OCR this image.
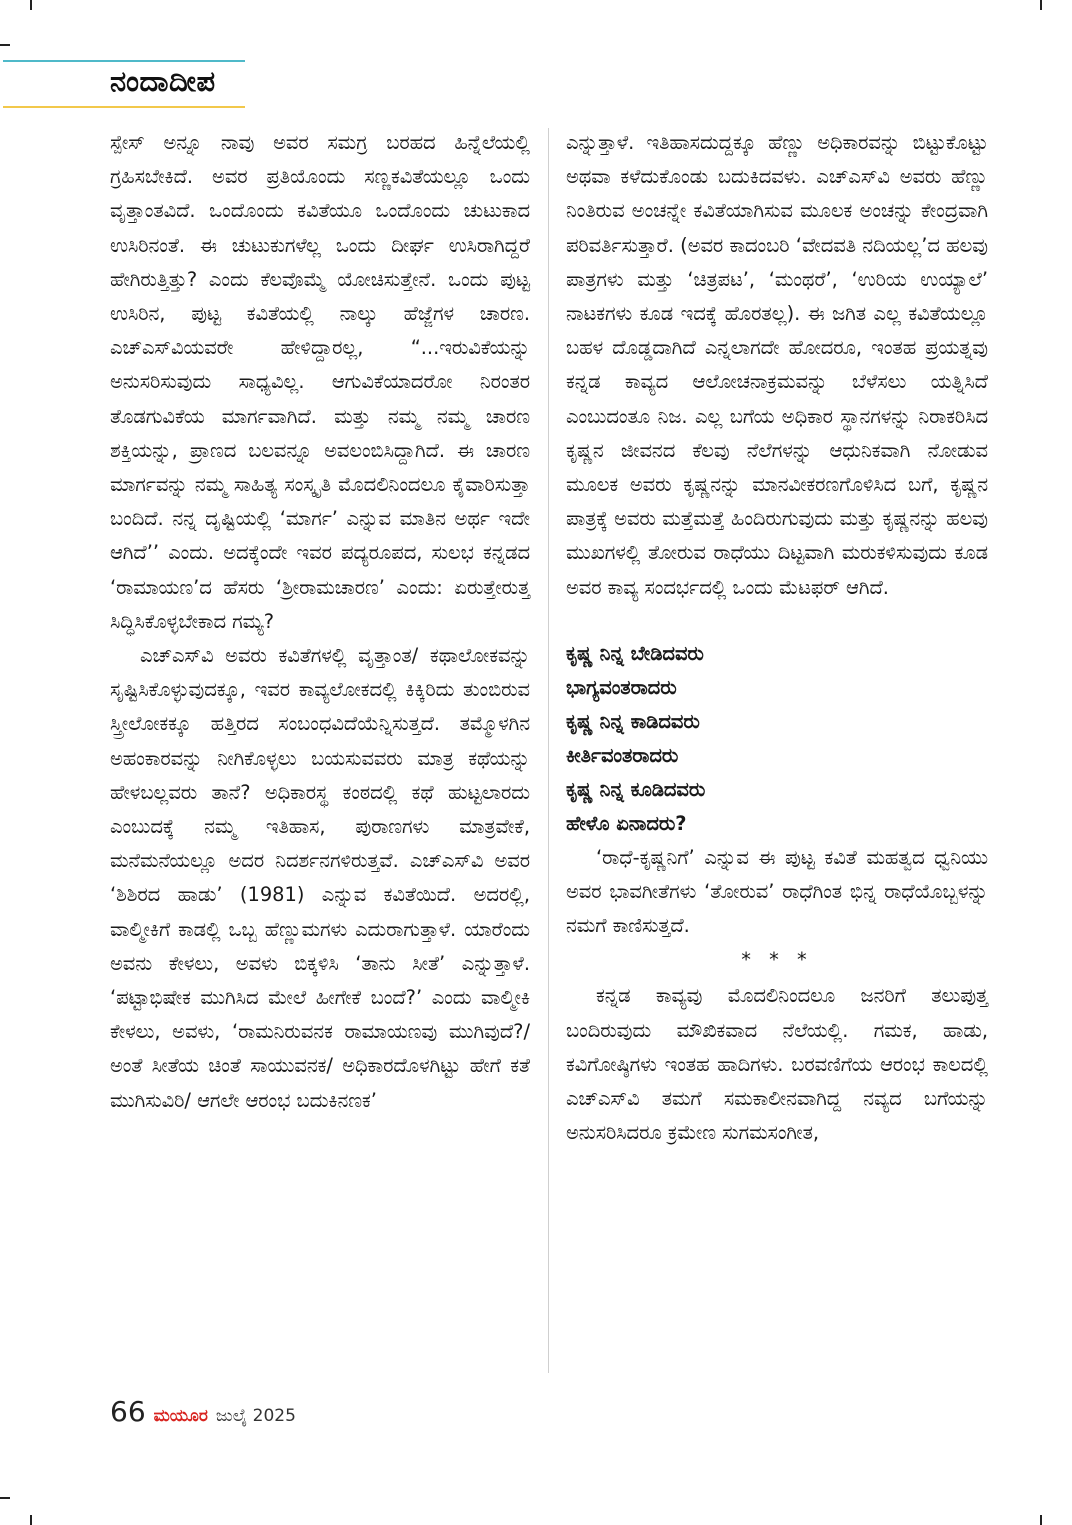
ನಂದಾದೀಪ

ಸ್ಪೇಸ್ ಅನ್ನೂ ನಾವು ಅವರ ಸಮಗ್ರ ಬರಹದ ಹಿನ್ನೆಲೆಯಲ್ಲಿ ಗ್ರಹಿಸಬೇಕಿದೆ. ಅವರ ಪ್ರತಿಯೊಂದು ಸಣ್ಣಕವಿತೆಯಲ್ಲೂ ಒಂದು ವೃತ್ತಾಂತವಿದೆ. ಒಂದೊಂದು ಕವಿತೆಯೂ ಒಂದೊಂದು ಚುಟುಕಾದ ಉಸಿರಿನಂತೆ. ಈ ಚುಟುಕುಗಳೆಲ್ಲ ಒಂದು ದೀರ್ಘ ಉಸಿರಾಗಿದ್ದರೆ ಹೇಗಿರುತ್ತಿತ್ತು? ಎಂದು ಕೆಲವೊಮ್ಮೆ ಯೋಚಿಸುತ್ತೇನೆ. ಒಂದು ಪುಟ್ಟ ಉಸಿರಿನ, ಪುಟ್ಟ ಕವಿತೆಯಲ್ಲಿ ನಾಲ್ಕು ಹೆಜ್ಜೆಗಳ ಚಾರಣ. ಎಚ್ಎಸ್‌ವಿಯವರೇ ಹೇಳಿದ್ದಾರಲ್ಲ, “...ಇರುವಿಕೆಯನ್ನು ಅನುಸರಿಸುವುದು ಸಾಧ್ಯವಿಲ್ಲ. ಆಗುವಿಕೆಯಾದರೋ ನಿರಂತರ ತೊಡಗುವಿಕೆಯ ಮಾರ್ಗವಾಗಿದೆ. ಮತ್ತು ನಮ್ಮ ನಮ್ಮ ಚಾರಣ ಶಕ್ತಿಯನ್ನು, ಪ್ರಾಣದ ಬಲವನ್ನೂ ಅವಲಂಬಿಸಿದ್ದಾಗಿದೆ. ಈ ಚಾರಣ ಮಾರ್ಗವನ್ನು ನಮ್ಮ ಸಾಹಿತ್ಯ ಸಂಸ್ಕೃತಿ ಮೊದಲಿನಿಂದಲೂ ಕೈವಾರಿಸುತ್ತಾ ಬಂದಿದೆ. ನನ್ನ ದೃಷ್ಟಿಯಲ್ಲಿ ‘ಮಾರ್ಗ’ ಎನ್ನುವ ಮಾತಿನ ಅರ್ಥ ಇದೇ ಆಗಿದೆ’’ ಎಂದು. ಅದಕ್ಕೆಂದೇ ಇವರ ಪದ್ಯರೂಪದ, ಸುಲಭ ಕನ್ನಡದ ‘ರಾಮಾಯಣ’ದ ಹೆಸರು ‘ಶ್ರೀರಾಮಚಾರಣ’ ಎಂದು: ಏರುತ್ತೇರುತ್ತ ಸಿದ್ಧಿಸಿಕೊಳ್ಳಬೇಕಾದ ಗಮ್ಯ?

ಎಚ್ಎಸ್‌ವಿ ಅವರು ಕವಿತೆಗಳಲ್ಲಿ ವೃತ್ತಾಂತ/ ಕಥಾಲೋಕವನ್ನು ಸೃಷ್ಟಿಸಿಕೊಳ್ಳುವುದಕ್ಕೂ, ಇವರ ಕಾವ್ಯಲೋಕದಲ್ಲಿ ಕಿಕ್ಕಿರಿದು ತುಂಬಿರುವ ಸ್ತ್ರೀಲೋಕಕ್ಕೂ ಹತ್ತಿರದ ಸಂಬಂಧವಿದೆಯೆನ್ನಿಸುತ್ತದೆ. ತಮ್ಮೊಳಗಿನ ಅಹಂಕಾರವನ್ನು ನೀಗಿಕೊಳ್ಳಲು ಬಯಸುವವರು ಮಾತ್ರ ಕಥೆಯನ್ನು ಹೇಳಬಲ್ಲವರು ತಾನೆ? ಅಧಿಕಾರಸ್ಥ ಕಂಠದಲ್ಲಿ ಕಥೆ ಹುಟ್ಟಲಾರದು ಎಂಬುದಕ್ಕೆ ನಮ್ಮ ಇತಿಹಾಸ, ಪುರಾಣಗಳು ಮಾತ್ರವೇಕೆ, ಮನೆಮನೆಯಲ್ಲೂ ಅದರ ನಿದರ್ಶನಗಳಿರುತ್ತವೆ. ಎಚ್ಎಸ್‌ವಿ ಅವರ ‘ಶಿಶಿರದ ಹಾಡು’ (1981) ಎನ್ನುವ ಕವಿತೆಯಿದೆ. ಅದರಲ್ಲಿ, ವಾಲ್ಮೀಕಿಗೆ ಕಾಡಲ್ಲಿ ಒಬ್ಬ ಹೆಣ್ಣುಮಗಳು ಎದುರಾಗುತ್ತಾಳೆ. ಯಾರೆಂದು ಅವನು ಕೇಳಲು, ಅವಳು ಬಿಕ್ಕಳಿಸಿ ‘ತಾನು ಸೀತೆ’ ಎನ್ನುತ್ತಾಳೆ. ‘ಪಟ್ಟಾಭಿಷೇಕ ಮುಗಿಸಿದ ಮೇಲೆ ಹೀಗೇಕೆ ಬಂದೆ?’ ಎಂದು ವಾಲ್ಮೀಕಿ ಕೇಳಲು, ಅವಳು, ‘ರಾಮನಿರುವನಕ ರಾಮಾಯಣವು ಮುಗಿವುದೆ?/ ಅಂತೆ ಸೀತೆಯ ಚಿಂತೆ ಸಾಯುವನಕ/ ಅಧಿಕಾರದೊಳಗಿಟ್ಟು ಹೇಗೆ ಕತೆ ಮುಗಿಸುವಿರಿ/ ಆಗಲೇ ಆರಂಭ ಬದುಕಿನಣಕ’

ಎನ್ನುತ್ತಾಳೆ. ಇತಿಹಾಸದುದ್ದಕ್ಕೂ ಹೆಣ್ಣು ಅಧಿಕಾರವನ್ನು ಬಿಟ್ಟುಕೊಟ್ಟು ಅಥವಾ ಕಳೆದುಕೊಂಡು ಬದುಕಿದವಳು. ಎಚ್ಎಸ್‌ವಿ ಅವರು ಹೆಣ್ಣು ನಿಂತಿರುವ ಅಂಚನ್ನೇ ಕವಿತೆಯಾಗಿಸುವ ಮೂಲಕ ಅಂಚನ್ನು ಕೇಂದ್ರವಾಗಿ ಪರಿವರ್ತಿಸುತ್ತಾರೆ. (ಅವರ ಕಾದಂಬರಿ ‘ವೇದವತಿ ನದಿಯಲ್ಲ’ದ ಹಲವು ಪಾತ್ರಗಳು ಮತ್ತು ‘ಚಿತ್ರಪಟ’, ‘ಮಂಥರೆ’, ‘ಉರಿಯ ಉಯ್ಯಾಲೆ’ ನಾಟಕಗಳು ಕೂಡ ಇದಕ್ಕೆ ಹೊರತಲ್ಲ). ಈ ಜಗಿತ ಎಲ್ಲ ಕವಿತೆಯಲ್ಲೂ ಬಹಳ ದೊಡ್ಡದಾಗಿದೆ ಎನ್ನಲಾಗದೇ ಹೋದರೂ, ಇಂತಹ ಪ್ರಯತ್ನವು ಕನ್ನಡ ಕಾವ್ಯದ ಆಲೋಚನಾಕ್ರಮವನ್ನು ಬೆಳೆಸಲು ಯತ್ನಿಸಿದೆ ಎಂಬುದಂತೂ ನಿಜ. ಎಲ್ಲ ಬಗೆಯ ಅಧಿಕಾರ ಸ್ಥಾನಗಳನ್ನು ನಿರಾಕರಿಸಿದ ಕೃಷ್ಣನ ಜೀವನದ ಕೆಲವು ನೆಲೆಗಳನ್ನು ಆಧುನಿಕವಾಗಿ ನೋಡುವ ಮೂಲಕ ಅವರು ಕೃಷ್ಣನನ್ನು ಮಾನವೀಕರಣಗೊಳಿಸಿದ ಬಗೆ, ಕೃಷ್ಣನ ಪಾತ್ರಕ್ಕೆ ಅವರು ಮತ್ತೆಮತ್ತೆ ಹಿಂದಿರುಗುವುದು ಮತ್ತು ಕೃಷ್ಣನನ್ನು ಹಲವು ಮುಖಗಳಲ್ಲಿ ತೋರುವ ರಾಧೆಯು ದಿಟ್ಟವಾಗಿ ಮರುಕಳಿಸುವುದು ಕೂಡ ಅವರ ಕಾವ್ಯ ಸಂದರ್ಭದಲ್ಲಿ ಒಂದು ಮೆಟಫರ್ ಆಗಿದೆ.

ಕೃಷ್ಣ ನಿನ್ನ ಬೇಡಿದವರು
ಭಾಗ್ಯವಂತರಾದರು
ಕೃಷ್ಣ ನಿನ್ನ ಕಾಡಿದವರು
ಕೀರ್ತಿವಂತರಾದರು
ಕೃಷ್ಣ ನಿನ್ನ ಕೂಡಿದವರು
ಹೇಳೊ ಏನಾದರು?

‘ರಾಧೆ-ಕೃಷ್ಣನಿಗೆ’ ಎನ್ನುವ ಈ ಪುಟ್ಟ ಕವಿತೆ ಮಹತ್ವದ ಧ್ವನಿಯು ಅವರ ಭಾವಗೀತೆಗಳು ‘ತೋರುವ’ ರಾಧೆಗಿಂತ ಭಿನ್ನ ರಾಧೆಯೊಬ್ಬಳನ್ನು ನಮಗೆ ಕಾಣಿಸುತ್ತದೆ.

* * *

ಕನ್ನಡ ಕಾವ್ಯವು ಮೊದಲಿನಿಂದಲೂ ಜನರಿಗೆ ತಲುಪುತ್ತ ಬಂದಿರುವುದು ಮೌಖಿಕವಾದ ನೆಲೆಯಲ್ಲಿ. ಗಮಕ, ಹಾಡು, ಕವಿಗೋಷ್ಠಿಗಳು ಇಂತಹ ಹಾದಿಗಳು. ಬರವಣಿಗೆಯ ಆರಂಭ ಕಾಲದಲ್ಲಿ ಎಚ್ಎಸ್‌ವಿ ತಮಗೆ ಸಮಕಾಲೀನವಾಗಿದ್ದ ನವ್ಯದ ಬಗೆಯನ್ನು ಅನುಸರಿಸಿದರೂ ಕ್ರಮೇಣ ಸುಗಮಸಂಗೀತ,

66 ಮಯೂರ ಜುಲೈ 2025
